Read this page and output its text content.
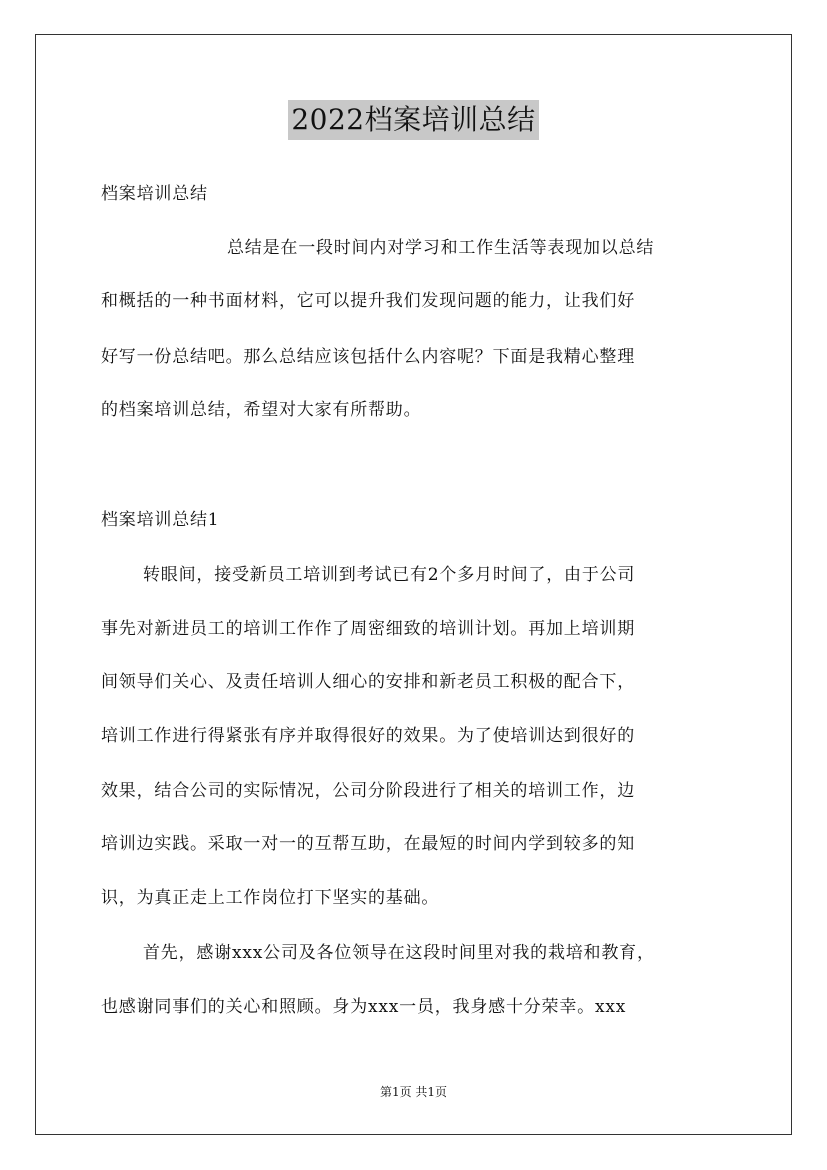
2022档案培训总结
档案培训总结
总结是在一段时间内对学习和工作生活等表现加以总结
和概括的一种书面材料，它可以提升我们发现问题的能力，让我们好
好写一份总结吧。那么总结应该包括什么内容呢？下面是我精心整理
的档案培训总结，希望对大家有所帮助。
档案培训总结1
转眼间，接受新员工培训到考试已有2个多月时间了，由于公司
事先对新进员工的培训工作作了周密细致的培训计划。再加上培训期
间领导们关心、及责任培训人细心的安排和新老员工积极的配合下，
培训工作进行得紧张有序并取得很好的效果。为了使培训达到很好的
效果，结合公司的实际情况，公司分阶段进行了相关的培训工作，边
培训边实践。采取一对一的互帮互助，在最短的时间内学到较多的知
识，为真正走上工作岗位打下坚实的基础。
首先，感谢xxx公司及各位领导在这段时间里对我的栽培和教育，
也感谢同事们的关心和照顾。身为xxx一员，我身感十分荣幸。xxx
第1页 共1页
